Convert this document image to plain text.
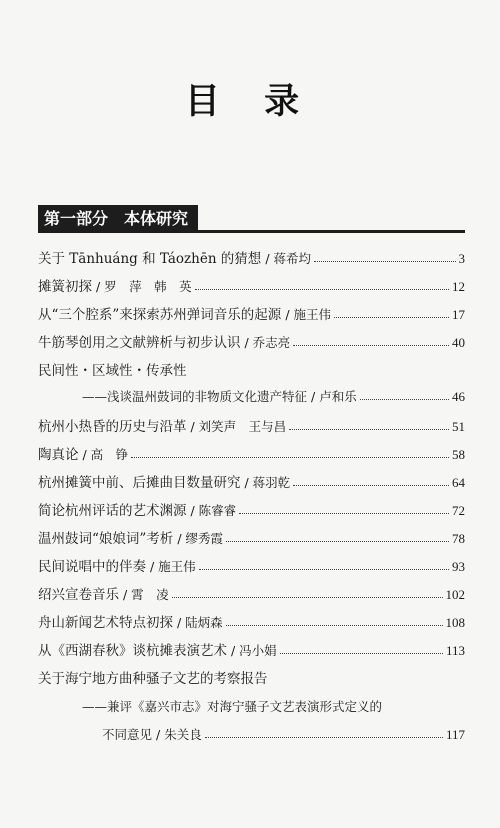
目 录
第一部分　本体研究
关于 Tānhuáng 和 Táozhēn 的猜想 / 蒋希均	3
摊簧初探 / 罗　萍　韩　英	12
从“三个腔系”来探索苏州弹词音乐的起源 / 施王伟	17
牛筋琴创用之文献辨析与初步认识 / 乔志亮	40
民间性・区域性・传承性
——浅谈温州鼓词的非物质文化遗产特征 / 卢和乐	46
杭州小热昏的历史与沿革 / 刘笑声　王与昌	51
陶真论 / 高　铮	58
杭州摊簧中前、后摊曲目数量研究 / 蒋羽乾	64
简论杭州评话的艺术渊源 / 陈睿睿	72
温州鼓词“娘娘词”考析 / 缪秀霞	78
民间说唱中的伴奏 / 施王伟	93
绍兴宣卷音乐 / 霄　凌	102
舟山新闻艺术特点初探 / 陆炳森	108
从《西湖春秋》谈杭摊表演艺术 / 冯小娟	113
关于海宁地方曲种骚子文艺的考察报告
——兼评《嘉兴市志》对海宁骚子文艺表演形式定义的
不同意见 / 朱关良	117
